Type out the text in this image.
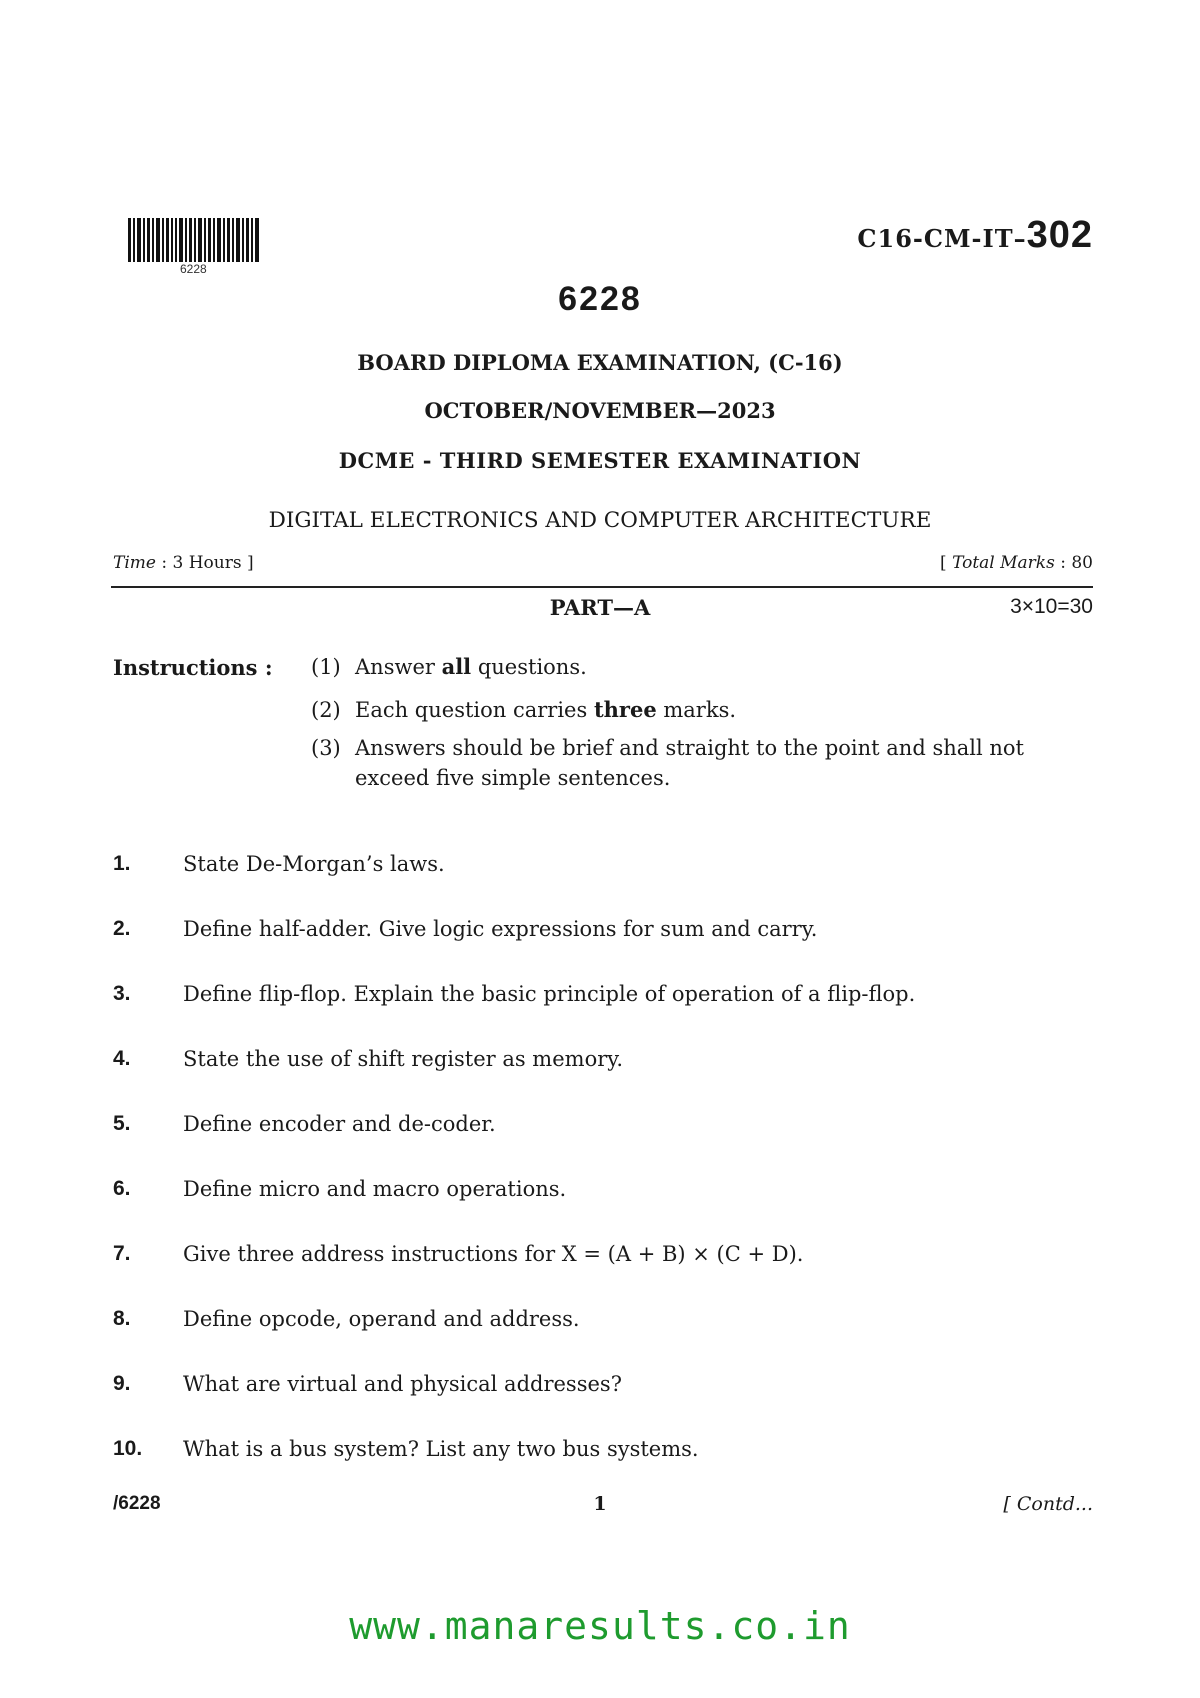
6228
C16-CM-IT–302
6228
BOARD DIPLOMA EXAMINATION, (C-16)
OCTOBER/NOVEMBER—2023
DCME - THIRD SEMESTER EXAMINATION
DIGITAL ELECTRONICS AND COMPUTER ARCHITECTURE
Time : 3 Hours ]	[ Total Marks : 80
PART—A	3×10=30
Instructions : (1) Answer all questions.
(2) Each question carries three marks.
(3) Answers should be brief and straight to the point and shall not exceed five simple sentences.
1. State De-Morgan’s laws.
2. Define half-adder. Give logic expressions for sum and carry.
3. Define flip-flop. Explain the basic principle of operation of a flip-flop.
4. State the use of shift register as memory.
5. Define encoder and de-coder.
6. Define micro and macro operations.
7. Give three address instructions for X = (A + B) × (C + D).
8. Define opcode, operand and address.
9. What are virtual and physical addresses?
10. What is a bus system? List any two bus systems.
/6228	1	[ Contd...
www.manaresults.co.in
